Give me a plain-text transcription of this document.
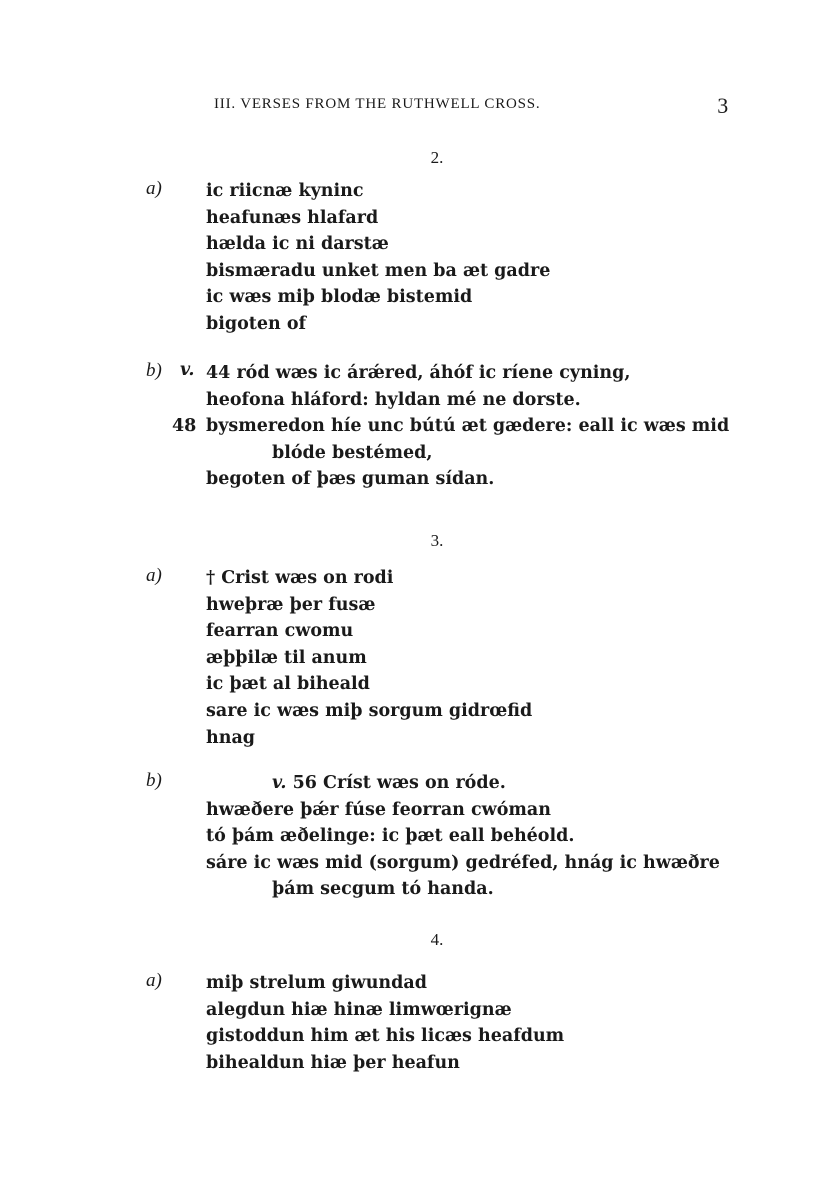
III. VERSES FROM THE RUTHWELL CROSS.	3
2.
a)	ic riicnæ kyninc
heafunæs hlafard
hælda ic ni darstæ
bismæradu unket men ba æt gadre
ic wæs miþ blodæ bistemid
bigoten of
b) v. 44 ród wæs ic árǽred, áhóf ic ríene cyning,
heofona hláford: hyldan mé ne dorste.
48 bysmeredon híe unc bútú æt gædere: eall ic wæs mid
blóde bestémed,
begoten of þæs guman sídan.
3.
a)	† Crist wæs on rodi
hweþræ þer fusæ
fearran cwomu
æþþilæ til anum
ic þæt al biheald
sare ic wæs miþ sorgum gidrœfid
hnag
b)	v. 56 Críst wæs on róde.
hwæðere þǽr fúse feorran cwóman
tó þám æðelinge: ic þæt eall behéold.
sáre ic wæs mid (sorgum) gedréfed, hnág ic hwæðre
þám secgum tó handa.
4.
a)	miþ strelum giwundad
alegdun hiæ hinæ limwœrignæ
gistoddun him æt his licæs heafdum
bihealdun hiæ þer heafun
